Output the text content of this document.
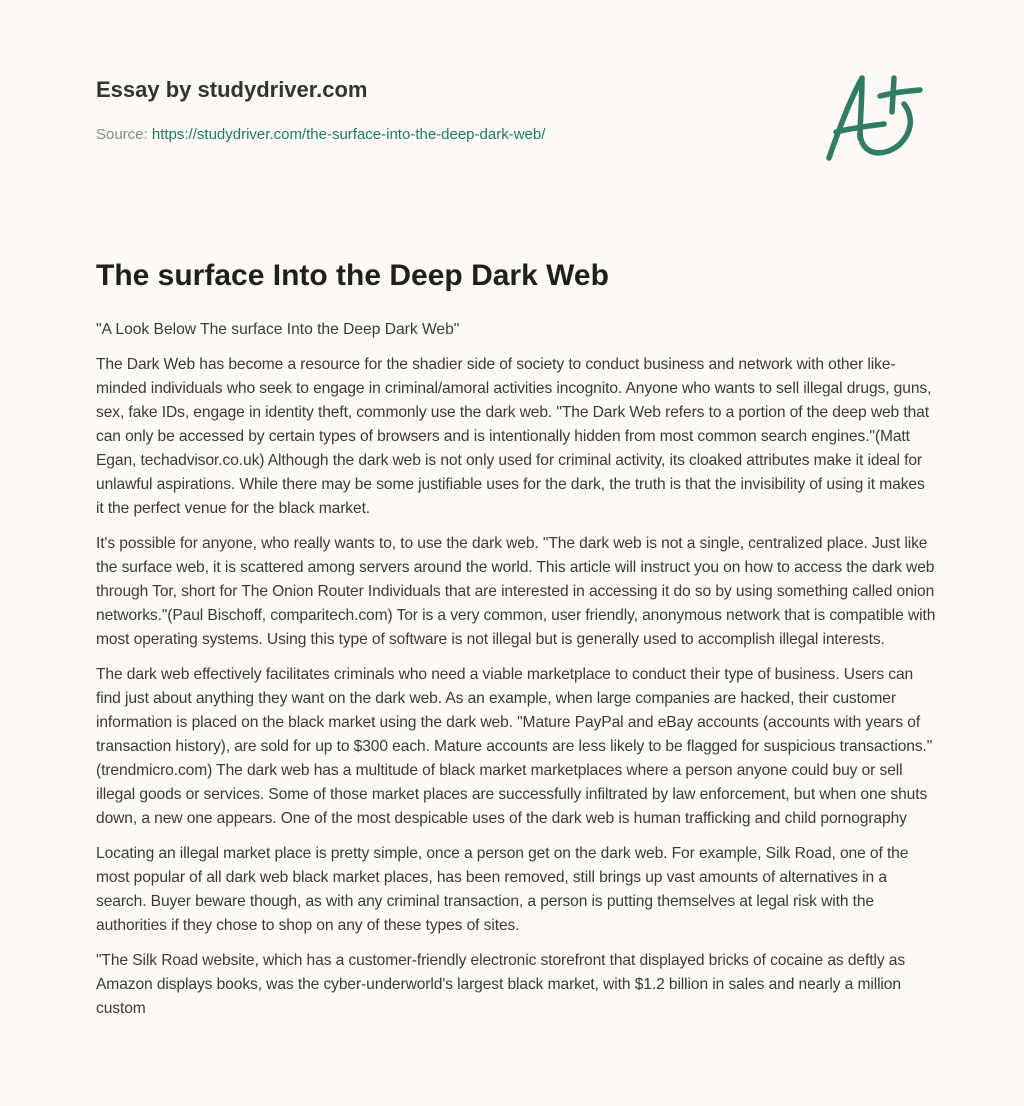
Essay by studydriver.com
Source: https://studydriver.com/the-surface-into-the-deep-dark-web/
The surface Into the Deep Dark Web
"A Look Below The surface Into the Deep Dark Web"

The Dark Web has become a resource for the shadier side of society to conduct business and network with other like-minded individuals who seek to engage in criminal/amoral activities incognito. Anyone who wants to sell illegal drugs, guns, sex, fake IDs, engage in identity theft, commonly use the dark web. "The Dark Web refers to a portion of the deep web that can only be accessed by certain types of browsers and is intentionally hidden from most common search engines."(Matt Egan, techadvisor.co.uk) Although the dark web is not only used for criminal activity, its cloaked attributes make it ideal for unlawful aspirations. While there may be some justifiable uses for the dark, the truth is that the invisibility of using it makes it the perfect venue for the black market.

It's possible for anyone, who really wants to, to use the dark web. "The dark web is not a single, centralized place. Just like the surface web, it is scattered among servers around the world. This article will instruct you on how to access the dark web through Tor, short for The Onion Router Individuals that are interested in accessing it do so by using something called onion networks."(Paul Bischoff, comparitech.com) Tor is a very common, user friendly, anonymous network that is compatible with most operating systems. Using this type of software is not illegal but is generally used to accomplish illegal interests.

The dark web effectively facilitates criminals who need a viable marketplace to conduct their type of business. Users can find just about anything they want on the dark web. As an example, when large companies are hacked, their customer information is placed on the black market using the dark web. "Mature PayPal and eBay accounts (accounts with years of transaction history), are sold for up to $300 each. Mature accounts are less likely to be flagged for suspicious transactions."(trendmicro.com) The dark web has a multitude of black market marketplaces where a person anyone could buy or sell illegal goods or services. Some of those market places are successfully infiltrated by law enforcement, but when one shuts down, a new one appears. One of the most despicable uses of the dark web is human trafficking and child pornography

Locating an illegal market place is pretty simple, once a person get on the dark web. For example, Silk Road, one of the most popular of all dark web black market places, has been removed, still brings up vast amounts of alternatives in a search. Buyer beware though, as with any criminal transaction, a person is putting themselves at legal risk with the authorities if they chose to shop on any of these types of sites.

"The Silk Road website, which has a customer-friendly electronic storefront that displayed bricks of cocaine as deftly as Amazon displays books, was the cyber-underworld's largest black market, with $1.2 billion in sales and nearly a million custom
